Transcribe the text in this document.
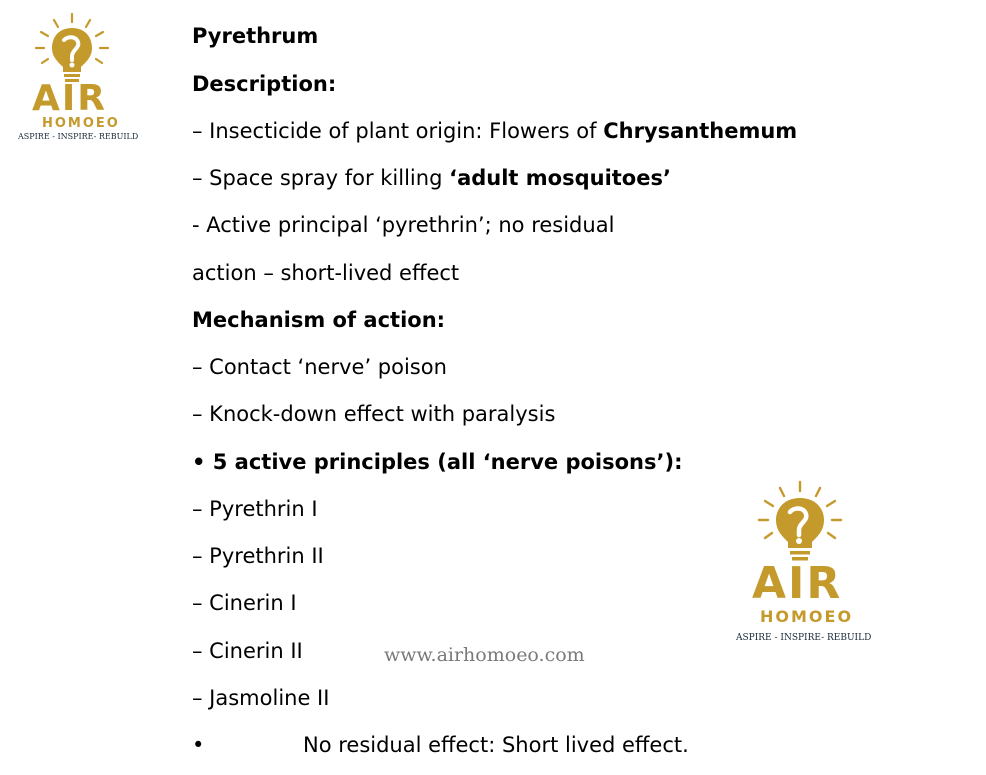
AIR
HOMOEO
ASPIRE - INSPIRE- REBUILD
Pyrethrum
Description:
– Insecticide of plant origin: Flowers of Chrysanthemum
– Space spray for killing ‘adult mosquitoes’
- Active principal ‘pyrethrin’; no residual
action – short-lived effect
Mechanism of action:
– Contact ‘nerve’ poison
– Knock-down effect with paralysis
• 5 active principles (all ‘nerve poisons’):
– Pyrethrin I
– Pyrethrin II
– Cinerin I
– Cinerin II
– Jasmoline II
•	No residual effect: Short lived effect.
www.airhomoeo.com
AIR
HOMOEO
ASPIRE - INSPIRE- REBUILD
